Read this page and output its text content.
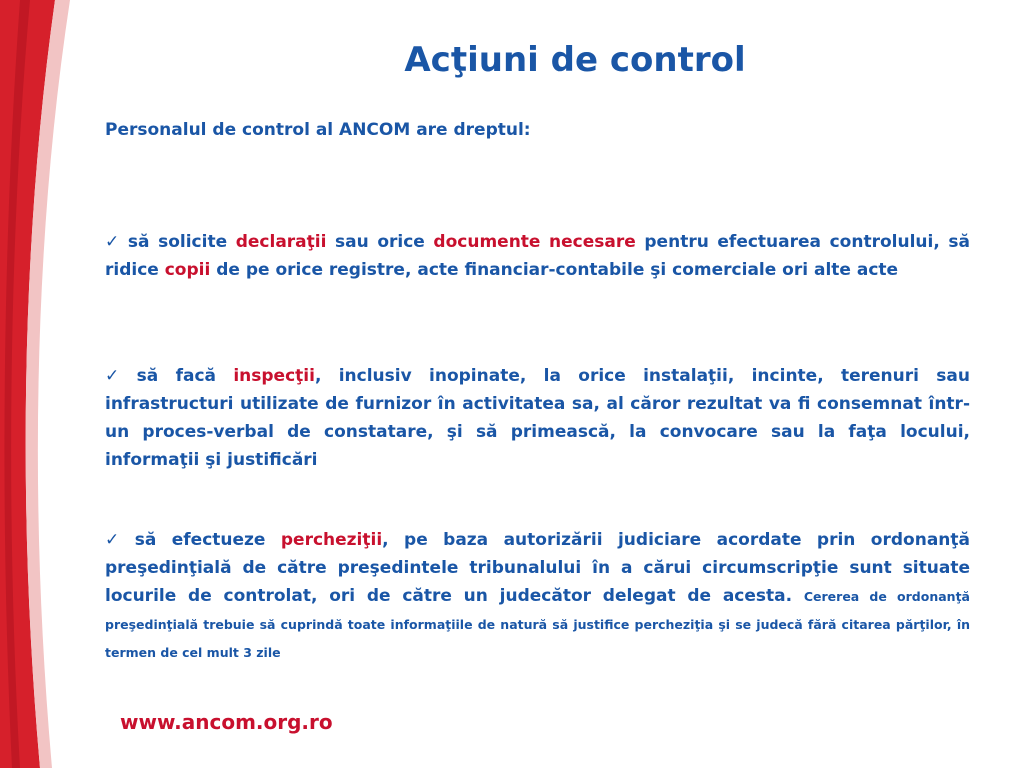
Acţiuni de control

Personalul de control al ANCOM are dreptul:

✓ să solicite declaraţii sau orice documente necesare pentru efectuarea controlului, să ridice copii de pe orice registre, acte financiar-contabile şi comerciale ori alte acte

✓ să facă inspecţii, inclusiv inopinate, la orice instalaţii, incinte, terenuri sau infrastructuri utilizate de furnizor în activitatea sa, al căror rezultat va fi consemnat într-un proces-verbal de constatare, şi să primească, la convocare sau la faţa locului, informaţii şi justificări

✓ să efectueze percheziţii, pe baza autorizării judiciare acordate prin ordonanţă preşedinţială de către preşedintele tribunalului în a cărui circumscripţie sunt situate locurile de controlat, ori de către un judecător delegat de acesta. Cererea de ordonanţă preşedinţială trebuie să cuprindă toate informaţiile de natură să justifice percheziţia şi se judecă fără citarea părţilor, în termen de cel mult 3 zile

www.ancom.org.ro
